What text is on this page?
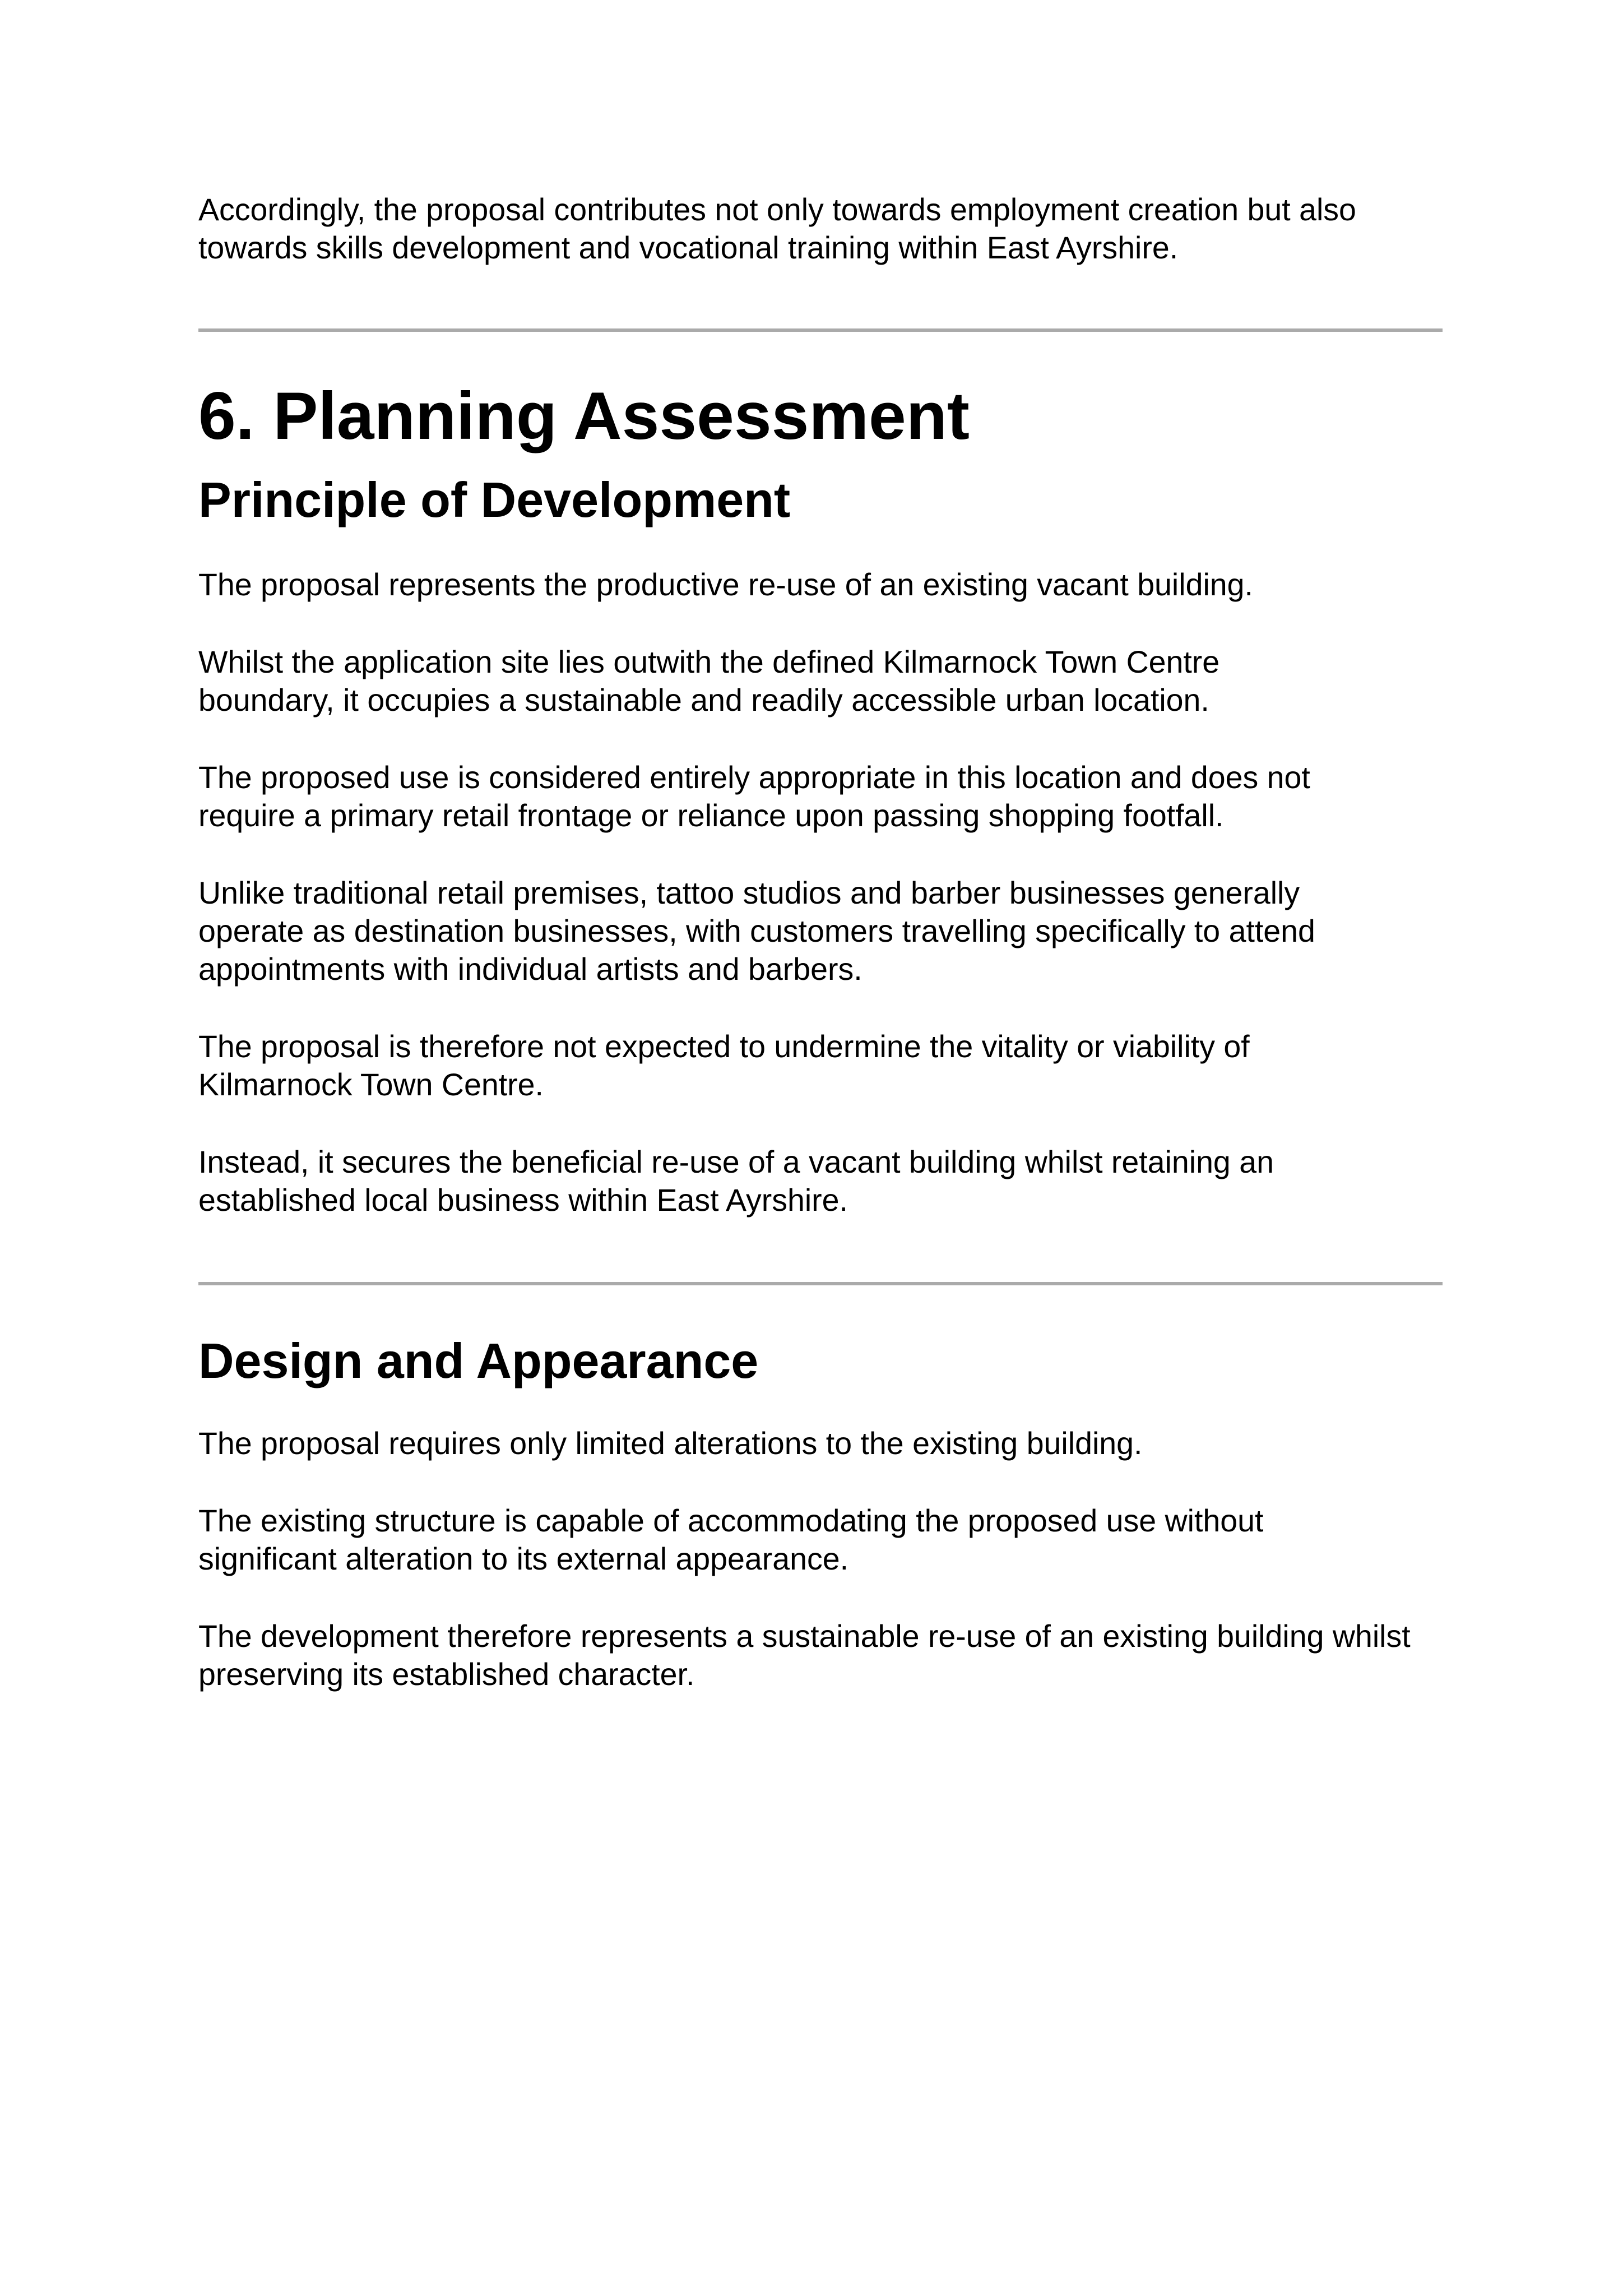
Accordingly, the proposal contributes not only towards employment creation but also towards skills development and vocational training within East Ayrshire.

6. Planning Assessment
Principle of Development

The proposal represents the productive re-use of an existing vacant building.

Whilst the application site lies outwith the defined Kilmarnock Town Centre boundary, it occupies a sustainable and readily accessible urban location.

The proposed use is considered entirely appropriate in this location and does not require a primary retail frontage or reliance upon passing shopping footfall.

Unlike traditional retail premises, tattoo studios and barber businesses generally operate as destination businesses, with customers travelling specifically to attend appointments with individual artists and barbers.

The proposal is therefore not expected to undermine the vitality or viability of Kilmarnock Town Centre.

Instead, it secures the beneficial re-use of a vacant building whilst retaining an established local business within East Ayrshire.

Design and Appearance

The proposal requires only limited alterations to the existing building.

The existing structure is capable of accommodating the proposed use without significant alteration to its external appearance.

The development therefore represents a sustainable re-use of an existing building whilst preserving its established character.
